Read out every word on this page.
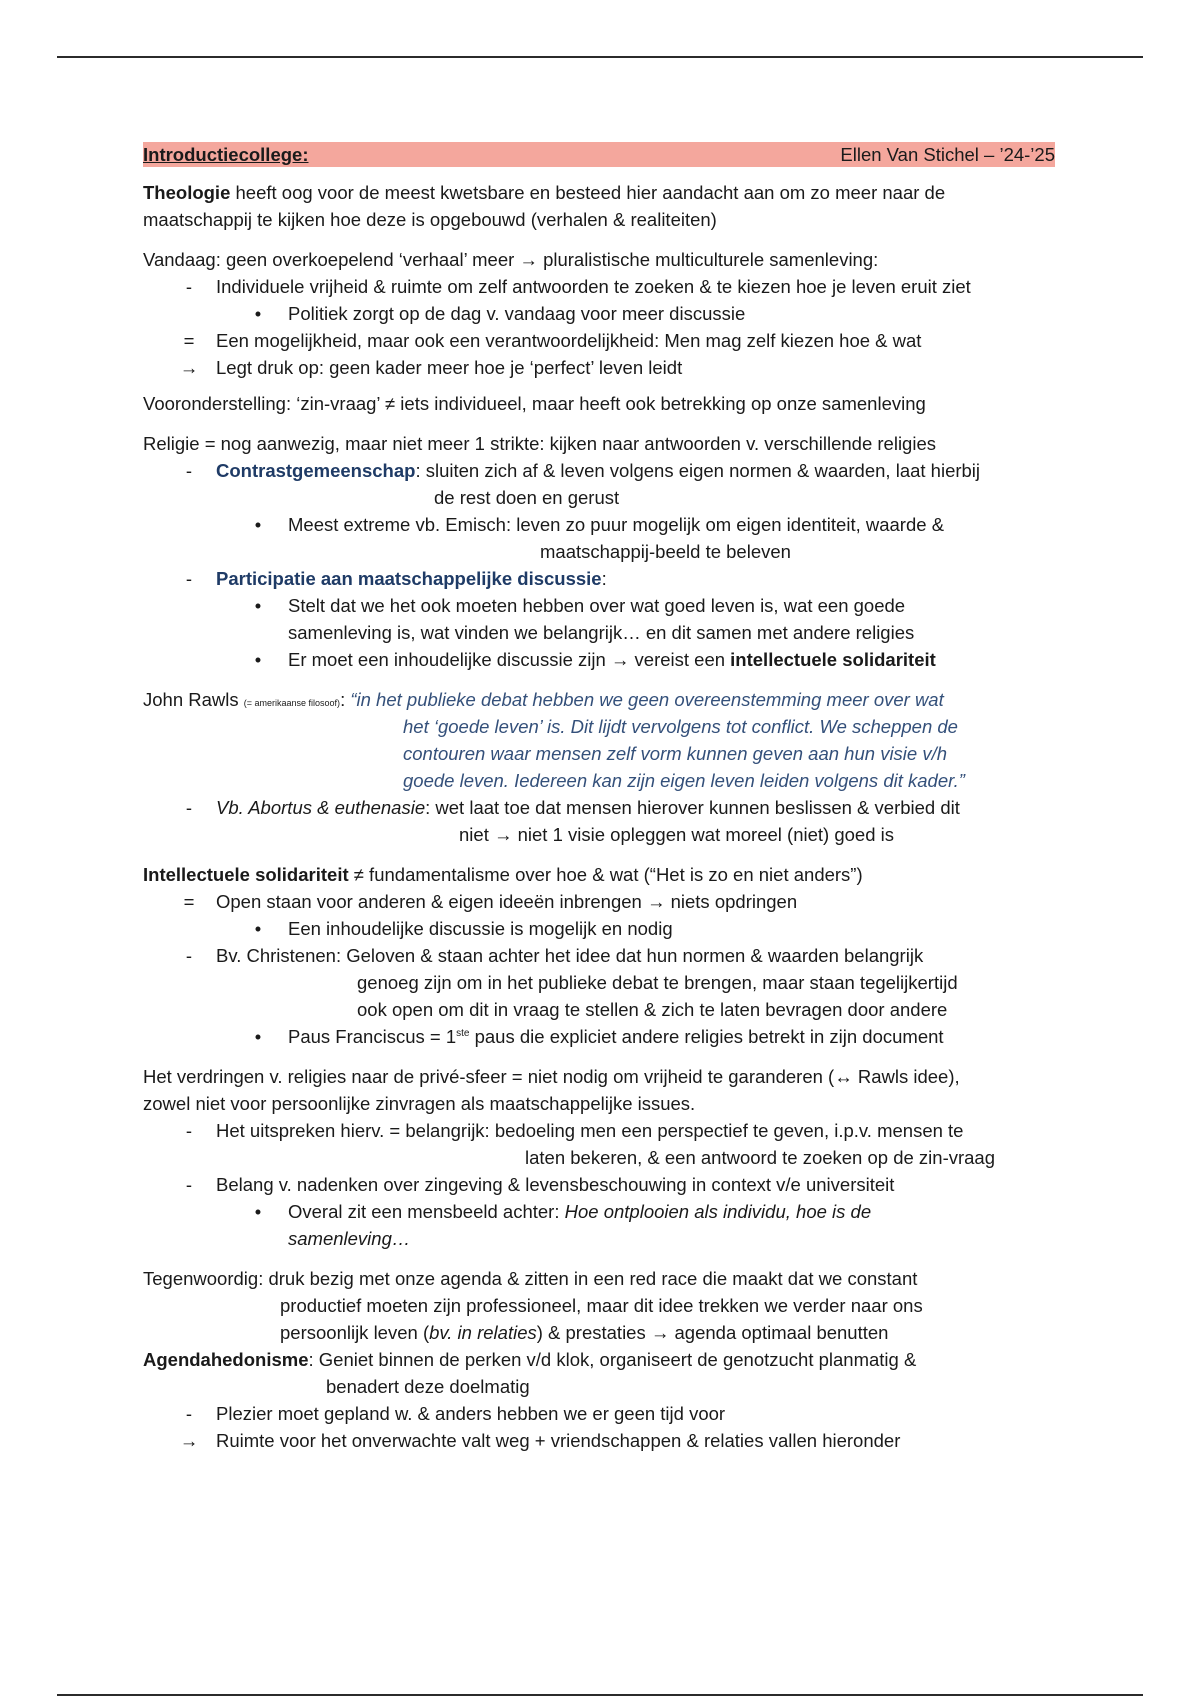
Introductiecollege:	Ellen Van Stichel – ’24-’25
Theologie heeft oog voor de meest kwetsbare en besteed hier aandacht aan om zo meer naar de
maatschappij te kijken hoe deze is opgebouwd (verhalen & realiteiten)
Vandaag: geen overkoepelend ‘verhaal’ meer → pluralistische multiculturele samenleving:
-	Individuele vrijheid & ruimte om zelf antwoorden te zoeken & te kiezen hoe je leven eruit ziet
•	Politiek zorgt op de dag v. vandaag voor meer discussie
= Een mogelijkheid, maar ook een verantwoordelijkheid: Men mag zelf kiezen hoe & wat
→ Legt druk op: geen kader meer hoe je ‘perfect’ leven leidt
Vooronderstelling: ‘zin-vraag’ ≠ iets individueel, maar heeft ook betrekking op onze samenleving
Religie = nog aanwezig, maar niet meer 1 strikte: kijken naar antwoorden v. verschillende religies
-	Contrastgemeenschap: sluiten zich af & leven volgens eigen normen & waarden, laat hierbij
de rest doen en gerust
•	Meest extreme vb. Emisch: leven zo puur mogelijk om eigen identiteit, waarde &
maatschappij-beeld te beleven
-	Participatie aan maatschappelijke discussie:
•	Stelt dat we het ook moeten hebben over wat goed leven is, wat een goede
samenleving is, wat vinden we belangrijk… en dit samen met andere religies
•	Er moet een inhoudelijke discussie zijn → vereist een intellectuele solidariteit
John Rawls (= amerikaanse filosoof): “in het publieke debat hebben we geen overeenstemming meer over wat
het ‘goede leven’ is. Dit lijdt vervolgens tot conflict. We scheppen de
contouren waar mensen zelf vorm kunnen geven aan hun visie v/h
goede leven. Iedereen kan zijn eigen leven leiden volgens dit kader.”
-	Vb. Abortus & euthenasie: wet laat toe dat mensen hierover kunnen beslissen & verbied dit
niet → niet 1 visie opleggen wat moreel (niet) goed is
Intellectuele solidariteit ≠ fundamentalisme over hoe & wat (“Het is zo en niet anders”)
= Open staan voor anderen & eigen ideeën inbrengen → niets opdringen
•	Een inhoudelijke discussie is mogelijk en nodig
-	Bv. Christenen: Geloven & staan achter het idee dat hun normen & waarden belangrijk
genoeg zijn om in het publieke debat te brengen, maar staan tegelijkertijd
ook open om dit in vraag te stellen & zich te laten bevragen door andere
•	Paus Franciscus = 1ste paus die expliciet andere religies betrekt in zijn document
Het verdringen v. religies naar de privé-sfeer = niet nodig om vrijheid te garanderen (↔ Rawls idee),
zowel niet voor persoonlijke zinvragen als maatschappelijke issues.
-	Het uitspreken hierv. = belangrijk: bedoeling men een perspectief te geven, i.p.v. mensen te
laten bekeren, & een antwoord te zoeken op de zin-vraag
-	Belang v. nadenken over zingeving & levensbeschouwing in context v/e universiteit
•	Overal zit een mensbeeld achter: Hoe ontplooien als individu, hoe is de
samenleving…
Tegenwoordig: druk bezig met onze agenda & zitten in een red race die maakt dat we constant
productief moeten zijn professioneel, maar dit idee trekken we verder naar ons
persoonlijk leven (bv. in relaties) & prestaties → agenda optimaal benutten
Agendahedonisme: Geniet binnen de perken v/d klok, organiseert de genotzucht planmatig &
benadert deze doelmatig
-	Plezier moet gepland w. & anders hebben we er geen tijd voor
→ Ruimte voor het onverwachte valt weg + vriendschappen & relaties vallen hieronder
